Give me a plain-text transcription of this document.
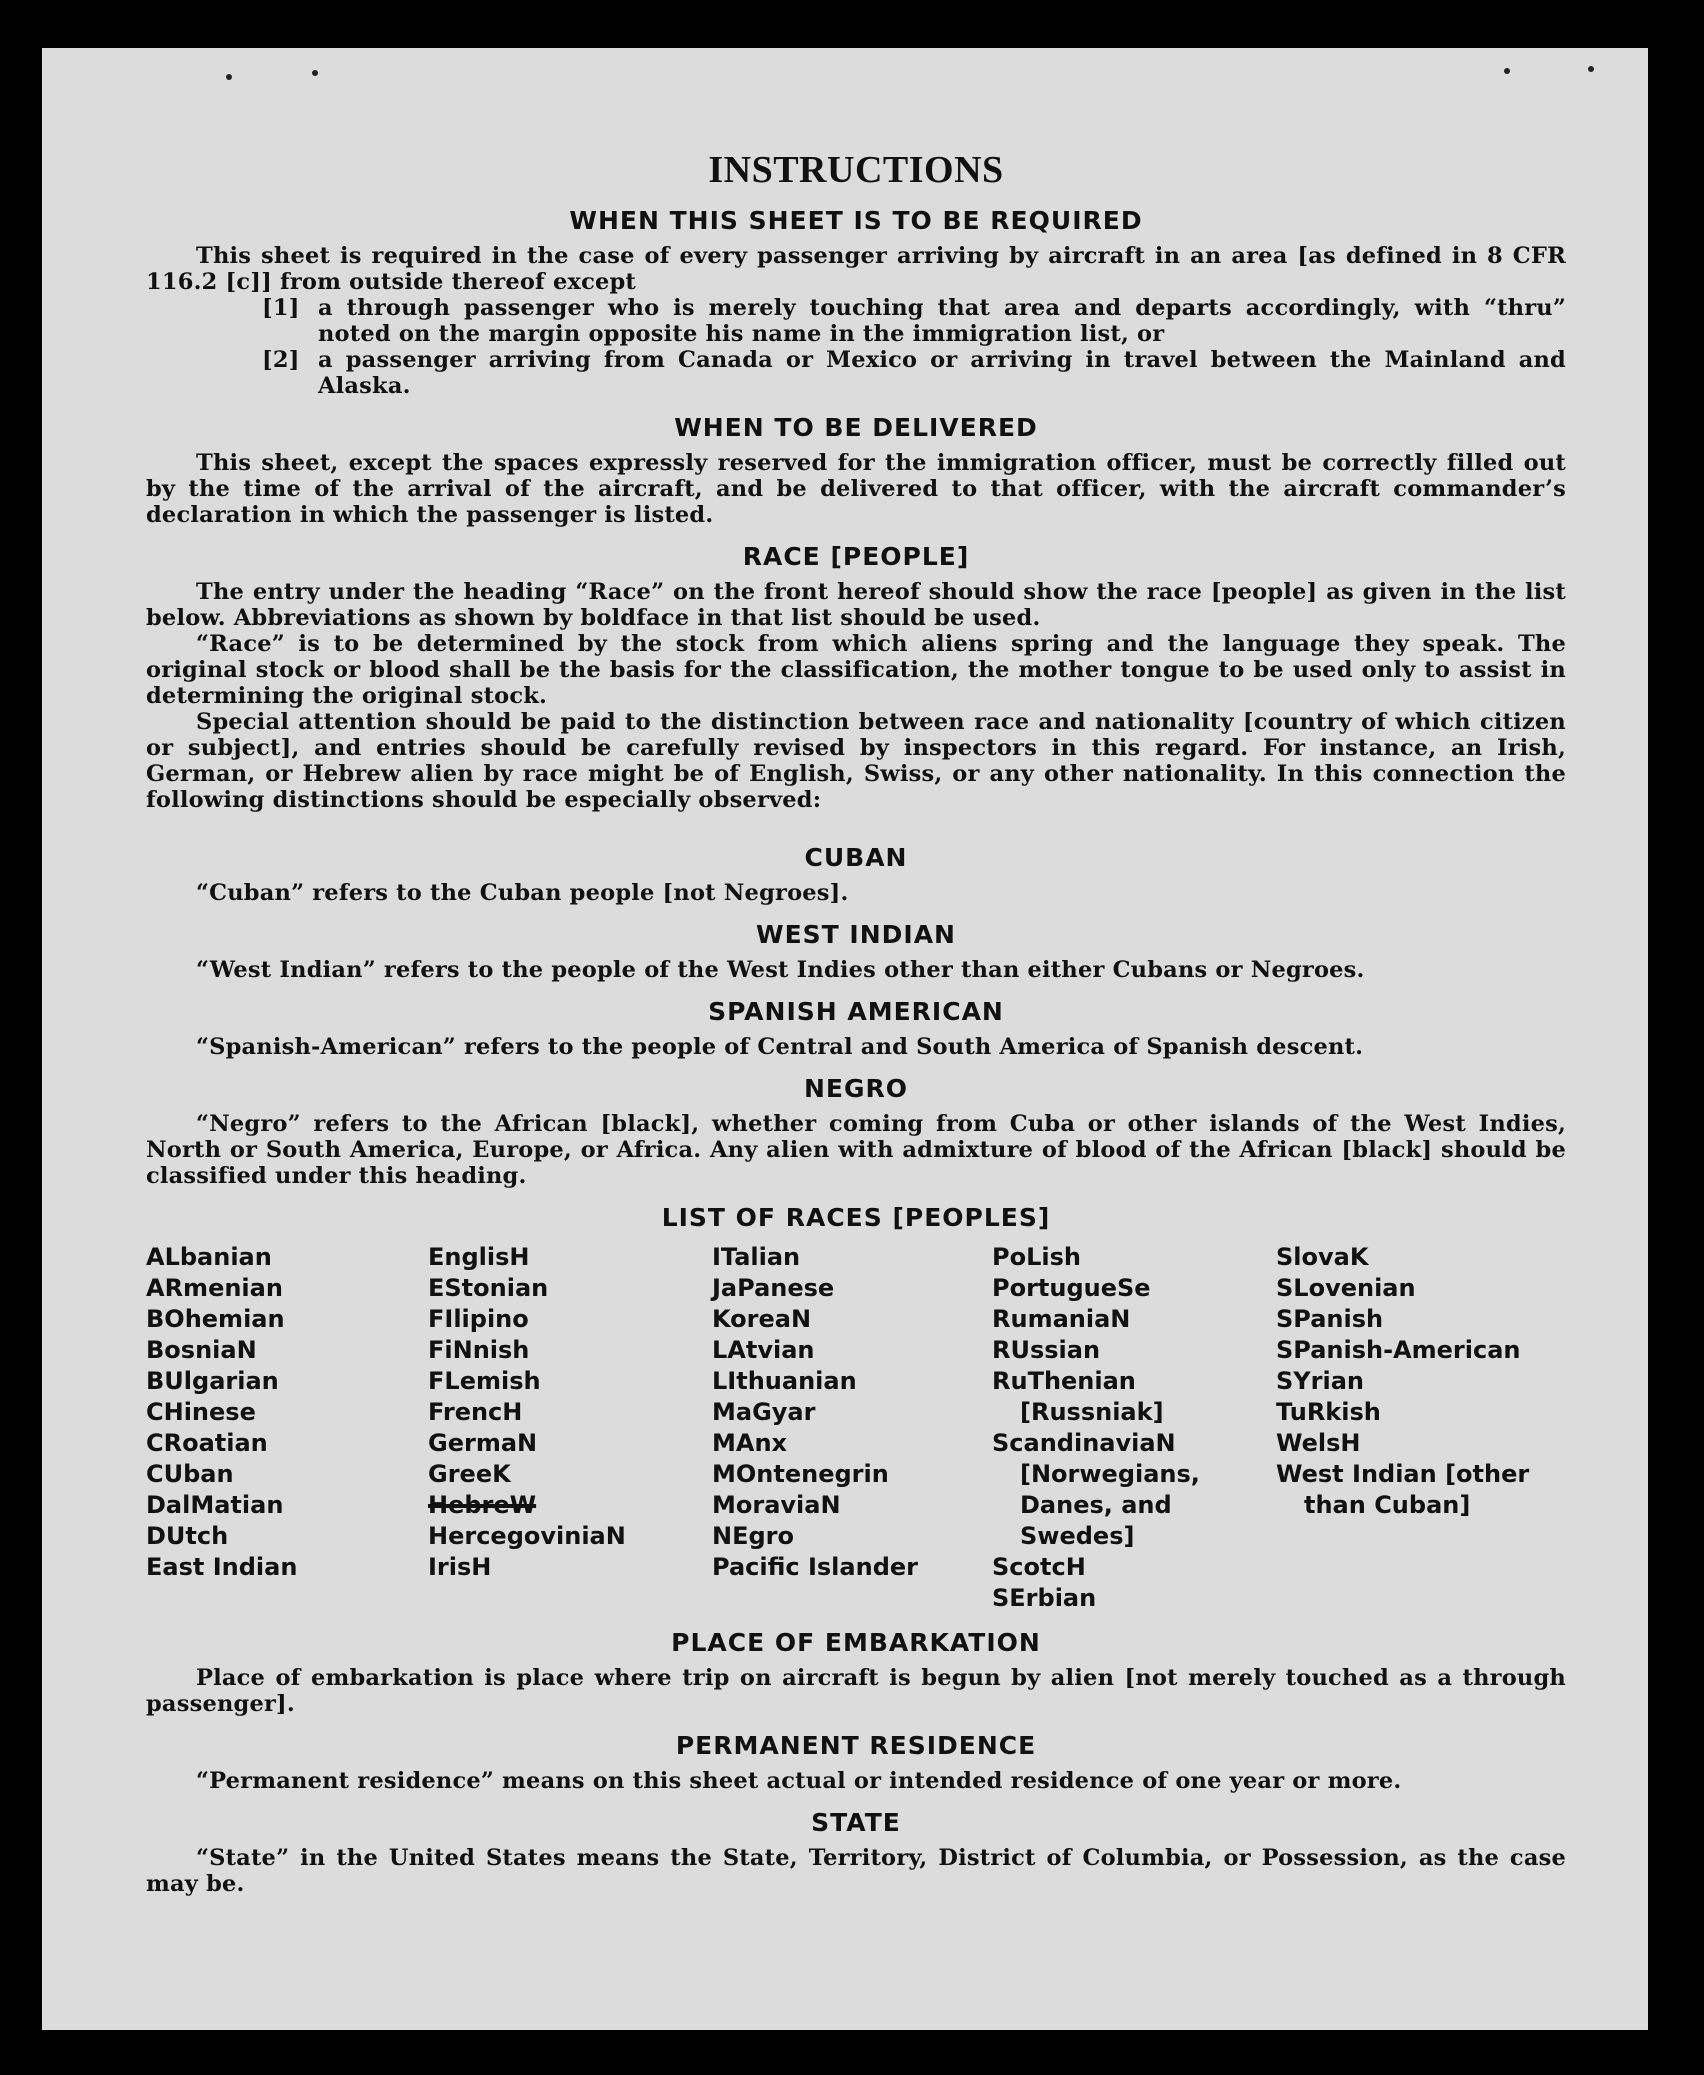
INSTRUCTIONS
WHEN THIS SHEET IS TO BE REQUIRED

This sheet is required in the case of every passenger arriving by aircraft in an area [as defined in 8 CFR 116.2 [c]] from outside thereof except

[1] a through passenger who is merely touching that area and departs accordingly, with “thru” noted on the margin opposite his name in the immigration list, or
[2] a passenger arriving from Canada or Mexico or arriving in travel between the Mainland and Alaska.
WHEN TO BE DELIVERED

This sheet, except the spaces expressly reserved for the immigration officer, must be correctly filled out by the time of the arrival of the aircraft, and be delivered to that officer, with the aircraft commander’s declaration in which the passenger is listed.

RACE [PEOPLE]

The entry under the heading “Race” on the front hereof should show the race [people] as given in the list below. Abbreviations as shown by boldface in that list should be used.

“Race” is to be determined by the stock from which aliens spring and the language they speak. The original stock or blood shall be the basis for the classification, the mother tongue to be used only to assist in determining the original stock.

Special attention should be paid to the distinction between race and nationality [country of which citizen or subject], and entries should be carefully revised by inspectors in this regard. For instance, an Irish, German, or Hebrew alien by race might be of English, Swiss, or any other nationality. In this connection the following distinctions should be especially observed:

CUBAN

“Cuban” refers to the Cuban people [not Negroes].

WEST INDIAN

“West Indian” refers to the people of the West Indies other than either Cubans or Negroes.

SPANISH AMERICAN

“Spanish-American” refers to the people of Central and South America of Spanish descent.

NEGRO

“Negro” refers to the African [black], whether coming from Cuba or other islands of the West Indies, North or South America, Europe, or Africa. Any alien with admixture of blood of the African [black] should be classified under this heading.

LIST OF RACES [PEOPLES]
ALbanian
ARmenian
BOhemian
BosniaN
BUlgarian
CHinese
CRoatian
CUban
DalMatian
DUtch
East Indian
EnglisH
EStonian
FIlipino
FiNnish
FLemish
FrencH
GermaN
GreeK
HebreW
HercegoviniaN
IrisH
ITalian
JaPanese
KoreaN
LAtvian
LIthuanian
MaGyar
MAnx
MOntenegrin
MoraviaN
NEgro
Pacific Islander
PoLish
PortugueSe
RumaniaN
RUssian
RuThenian [Russniak]
ScandinaviaN [Norwegians, Danes, and Swedes]
ScotcH
SErbian
SlovaK
SLovenian
SPanish
SPanish-American
SYrian
TuRkish
WelsH
West Indian [other than Cuban]
PLACE OF EMBARKATION

Place of embarkation is place where trip on aircraft is begun by alien [not merely touched as a through passenger].

PERMANENT RESIDENCE

“Permanent residence” means on this sheet actual or intended residence of one year or more.

STATE

“State” in the United States means the State, Territory, District of Columbia, or Possession, as the case may be.
